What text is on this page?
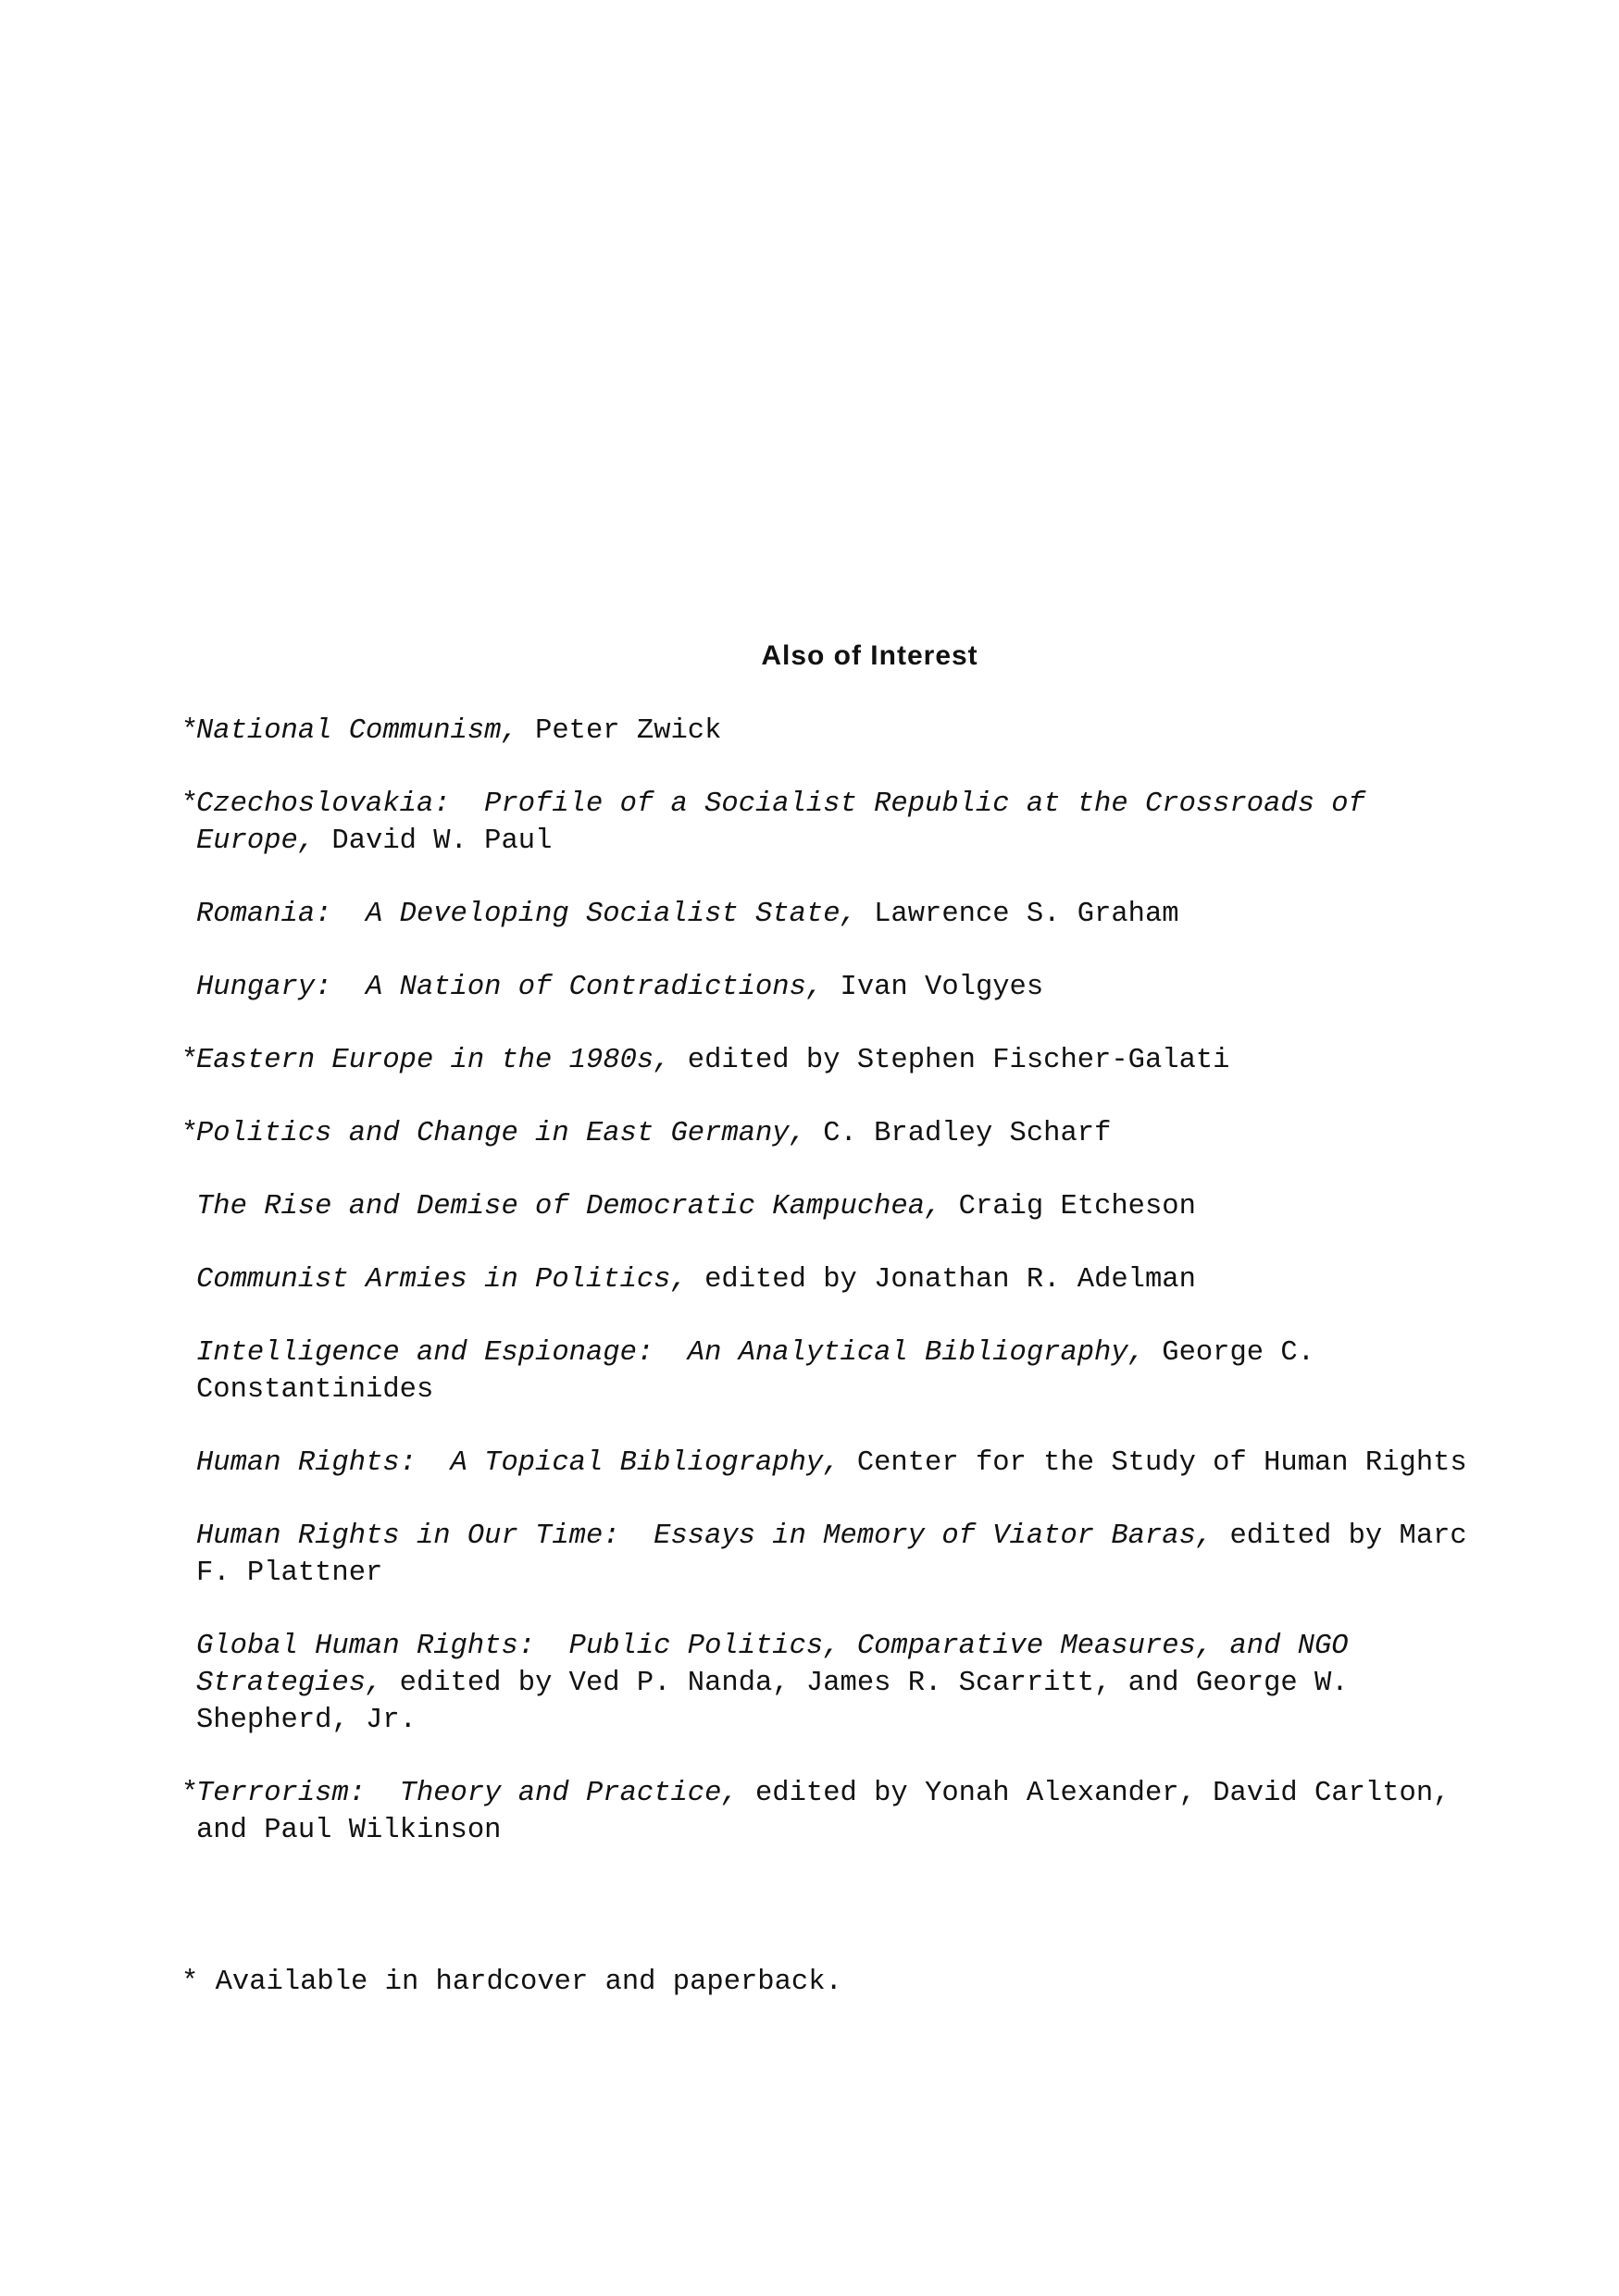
Also of Interest

*
National Communism, Peter Zwick

*
Czechoslovakia:  Profile of a Socialist Republic at the Crossroads of Europe, David W. Paul

Romania:  A Developing Socialist State, Lawrence S. Graham

Hungary:  A Nation of Contradictions, Ivan Volgyes

*
Eastern Europe in the 1980s, edited by Stephen Fischer-Galati

*
Politics and Change in East Germany, C. Bradley Scharf

The Rise and Demise of Democratic Kampuchea, Craig Etcheson

Communist Armies in Politics, edited by Jonathan R. Adelman

Intelligence and Espionage:  An Analytical Bibliography, George C. Constantinides

Human Rights:  A Topical Bibliography, Center for the Study of Human Rights

Human Rights in Our Time:  Essays in Memory of Viator Baras, edited by Marc F. Plattner

Global Human Rights:  Public Politics, Comparative Measures, and NGO Strategies, edited by Ved P. Nanda, James R. Scarritt, and George W. Shepherd, Jr.

*
Terrorism:  Theory and Practice, edited by Yonah Alexander, David Carlton, and Paul Wilkinson

* Available in hardcover and paperback.
